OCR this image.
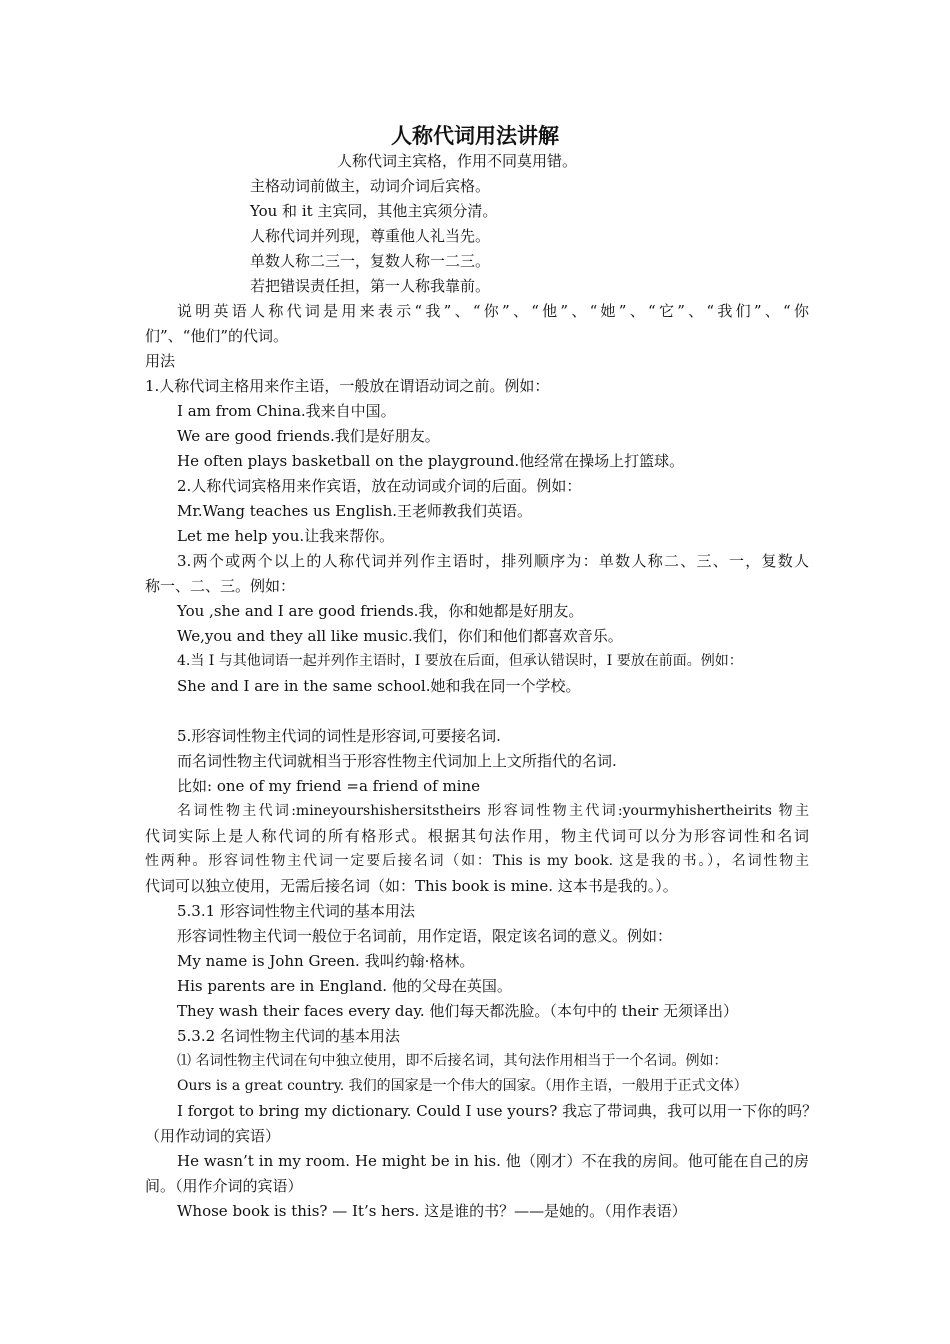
人称代词用法讲解
人称代词主宾格，作用不同莫用错。
主格动词前做主，动词介词后宾格。
You 和 it 主宾同，其他主宾须分清。
人称代词并列现，尊重他人礼当先。
单数人称二三一，复数人称一二三。
若把错误责任担，第一人称我靠前。
说明英语人称代词是用来表示“我”、“你”、“他”、“她”、“它”、“我们”、“你
们”、“他们”的代词。
用法
1.人称代词主格用来作主语，一般放在谓语动词之前。例如：
I am from China.我来自中国。
We are good friends.我们是好朋友。
He often plays basketball on the playground.他经常在操场上打篮球。
2.人称代词宾格用来作宾语，放在动词或介词的后面。例如：
Mr.Wang teaches us English.王老师教我们英语。
Let me help you.让我来帮你。
3.两个或两个以上的人称代词并列作主语时，排列顺序为：单数人称二、三、一，复数人
称一、二、三。例如：
You ,she and I are good friends.我，你和她都是好朋友。
We,you and they all like music.我们，你们和他们都喜欢音乐。
4.当 I 与其他词语一起并列作主语时，I 要放在后面，但承认错误时，I 要放在前面。例如：
She and I are in the same school.她和我在同一个学校。
5.形容词性物主代词的词性是形容词,可要接名词.
而名词性物主代词就相当于形容性物主代词加上上文所指代的名词.
比如: one of my friend =a friend of mine
名词性物主代词:mineyourshishersitstheirs 形容词性物主代词:yourmyhishertheirits 物主
代词实际上是人称代词的所有格形式。根据其句法作用，物主代词可以分为形容词性和名词
性两种。形容词性物主代词一定要后接名词（如：This is my book. 这是我的书。），名词性物主
代词可以独立使用，无需后接名词（如：This book is mine. 这本书是我的。）。
5.3.1 形容词性物主代词的基本用法
形容词性物主代词一般位于名词前，用作定语，限定该名词的意义。例如：
My name is John Green. 我叫约翰·格林。
His parents are in England. 他的父母在英国。
They wash their faces every day. 他们每天都洗脸。（本句中的 their 无须译出）
5.3.2 名词性物主代词的基本用法
⑴ 名词性物主代词在句中独立使用，即不后接名词，其句法作用相当于一个名词。例如：
Ours is a great country. 我们的国家是一个伟大的国家。（用作主语，一般用于正式文体）
I forgot to bring my dictionary. Could I use yours? 我忘了带词典，我可以用一下你的吗？
（用作动词的宾语）
He wasn’t in my room. He might be in his. 他（刚才）不在我的房间。他可能在自己的房
间。（用作介词的宾语）
Whose book is this? — It’s hers. 这是谁的书？——是她的。（用作表语）
